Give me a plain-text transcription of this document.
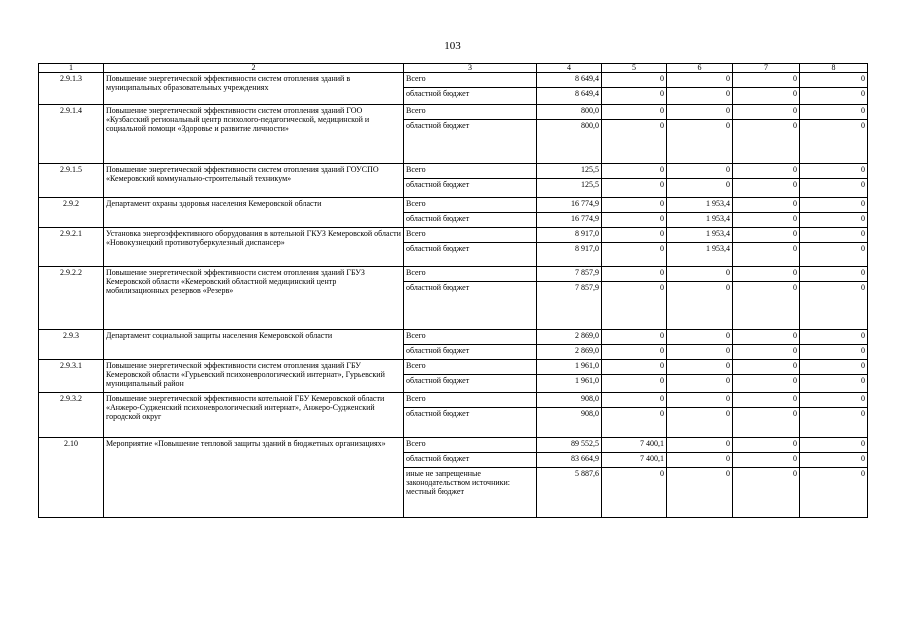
103
1	2	3	4	5	6	7	8
2.9.1.3	Повышение энергетической эффективности систем отопления зданий в муниципальных образовательных учреждениях	Всего	8 649,4	0	0	0	0
		областной бюджет	8 649,4	0	0	0	0
2.9.1.4	Повышение энергетической эффективности систем отопления зданий ГОО «Кузбасский региональный центр психолого-педагогической, медицинской и социальной помощи «Здоровье и развитие личности»	Всего	800,0	0	0	0	0
		областной бюджет	800,0	0	0	0	0
2.9.1.5	Повышение энергетической эффективности систем отопления зданий ГОУСПО «Кемеровский коммунально-строительный техникум»	Всего	125,5	0	0	0	0
		областной бюджет	125,5	0	0	0	0
2.9.2	Департамент охраны здоровья населения Кемеровской области	Всего	16 774,9	0	1 953,4	0	0
		областной бюджет	16 774,9	0	1 953,4	0	0
2.9.2.1	Установка энергоэффективного оборудования в котельной ГКУЗ Кемеровской области «Новокузнецкий противотуберкулезный диспансер»	Всего	8 917,0	0	1 953,4	0	0
		областной бюджет	8 917,0	0	1 953,4	0	0
2.9.2.2	Повышение энергетической эффективности систем отопления зданий ГБУЗ Кемеровской области «Кемеровский областной медицинский центр мобилизационных резервов «Резерв»	Всего	7 857,9	0	0	0	0
		областной бюджет	7 857,9	0	0	0	0
2.9.3	Департамент социальной защиты населения Кемеровской области	Всего	2 869,0	0	0	0	0
		областной бюджет	2 869,0	0	0	0	0
2.9.3.1	Повышение энергетической эффективности систем отопления зданий ГБУ Кемеровской области «Гурьевский психоневрологический интернат», Гурьевский муниципальный район	Всего	1 961,0	0	0	0	0
		областной бюджет	1 961,0	0	0	0	0
2.9.3.2	Повышение энергетической эффективности котельной ГБУ Кемеровской области «Анжеро-Судженский психоневрологический интернат», Анжеро-Судженский городской округ	Всего	908,0	0	0	0	0
		областной бюджет	908,0	0	0	0	0
2.10	Мероприятие «Повышение тепловой защиты зданий в бюджетных организациях»	Всего	89 552,5	7 400,1	0	0	0
		областной бюджет	83 664,9	7 400,1	0	0	0
		иные не запрещенные законодательством источники: местный бюджет	5 887,6	0	0	0	0
